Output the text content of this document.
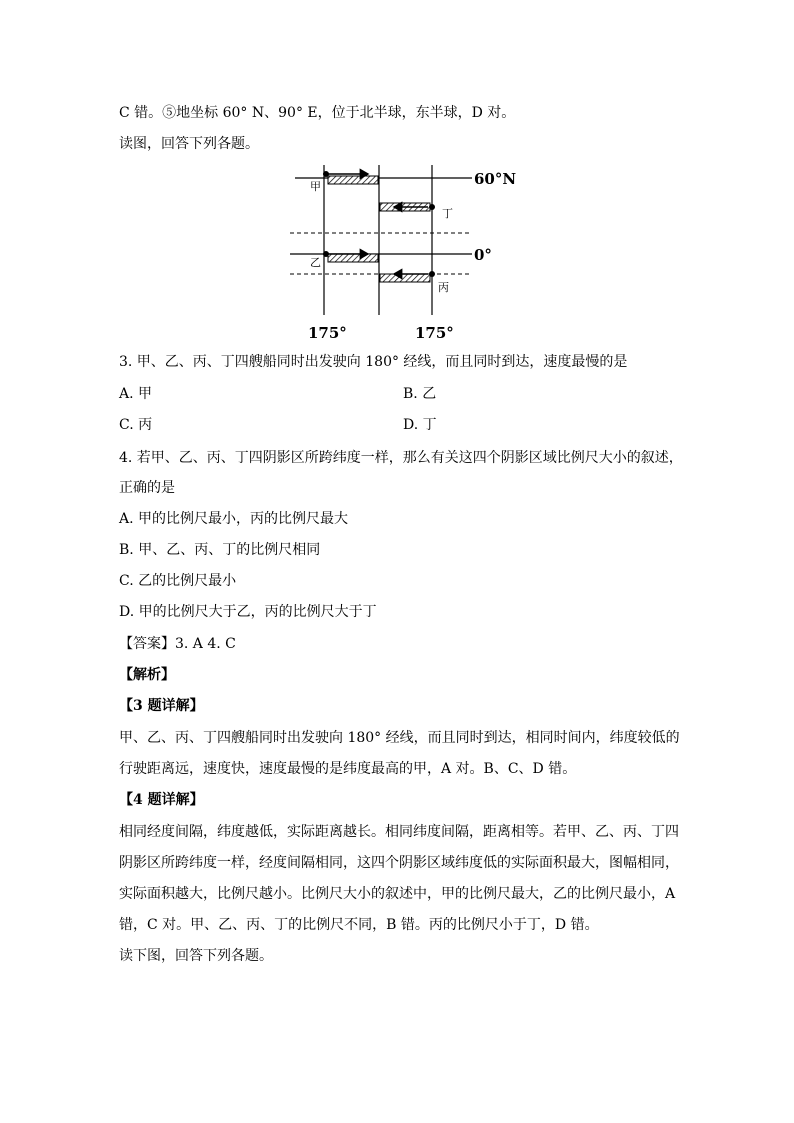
C 错。⑤地坐标 60° N、90° E，位于北半球，东半球，D 对。
读图，回答下列各题。
甲
丁
乙
丙
60°N
0°
175°	175°
3. 甲、乙、丙、丁四艘船同时出发驶向 180° 经线，而且同时到达，速度最慢的是
A. 甲	B. 乙
C. 丙	D. 丁
4. 若甲、乙、丙、丁四阴影区所跨纬度一样，那么有关这四个阴影区域比例尺大小的叙述，
正确的是
A. 甲的比例尺最小，丙的比例尺最大
B. 甲、乙、丙、丁的比例尺相同
C. 乙的比例尺最小
D. 甲的比例尺大于乙，丙的比例尺大于丁
【答案】3. A 4. C
【解析】
【3 题详解】
甲、乙、丙、丁四艘船同时出发驶向 180° 经线，而且同时到达，相同时间内，纬度较低的
行驶距离远，速度快，速度最慢的是纬度最高的甲，A 对。B、C、D 错。
【4 题详解】
相同经度间隔，纬度越低，实际距离越长。相同纬度间隔，距离相等。若甲、乙、丙、丁四
阴影区所跨纬度一样，经度间隔相同，这四个阴影区域纬度低的实际面积最大，图幅相同，
实际面积越大，比例尺越小。比例尺大小的叙述中，甲的比例尺最大，乙的比例尺最小，A
错，C 对。甲、乙、丙、丁的比例尺不同，B 错。丙的比例尺小于丁，D 错。
读下图，回答下列各题。
